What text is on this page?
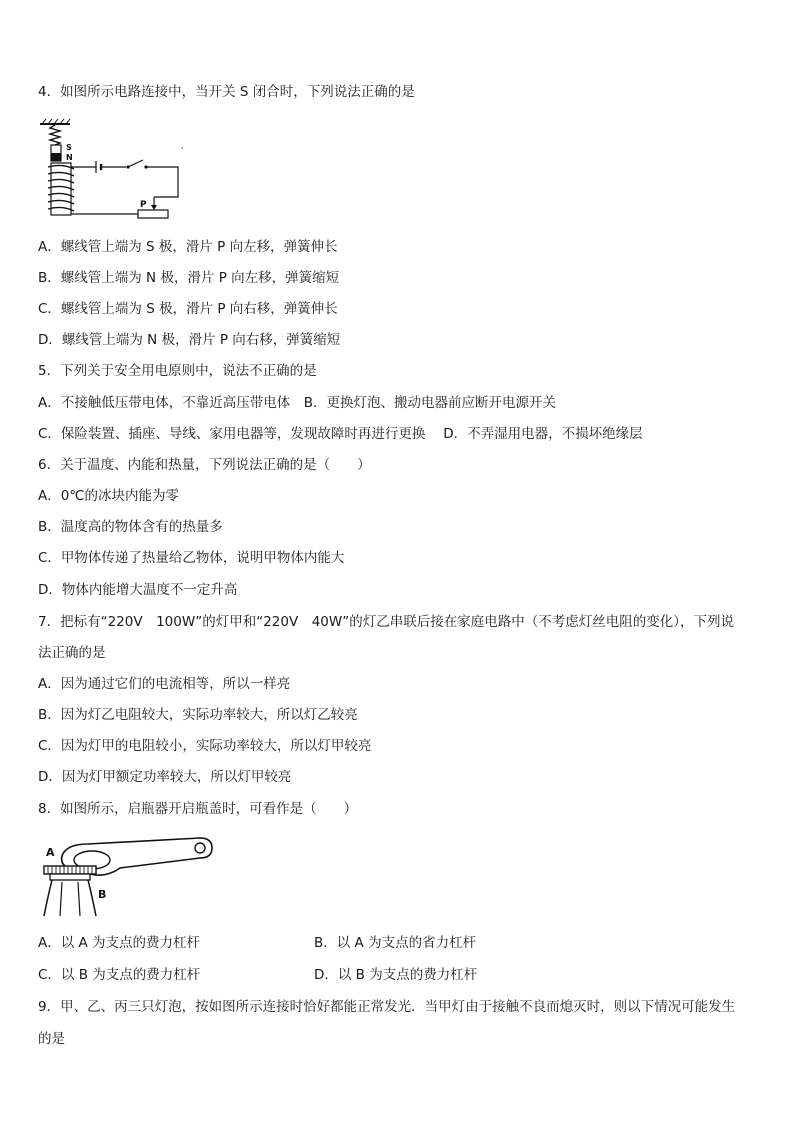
4．如图所示电路连接中，当开关 S 闭合时，下列说法正确的是
S
N
P
A．螺线管上端为 S 极，滑片 P 向左移，弹簧伸长
B．螺线管上端为 N 极，滑片 P 向左移，弹簧缩短
C．螺线管上端为 S 极，滑片 P 向右移，弹簧伸长
D．螺线管上端为 N 极，滑片 P 向右移，弹簧缩短
5．下列关于安全用电原则中，说法不正确的是
A．不接触低压带电体，不靠近高压带电体　B．更换灯泡、搬动电器前应断开电源开关
C．保险装置、插座、导线、家用电器等，发现故障时再进行更换　 D．不弄湿用电器，不损坏绝缘层
6．关于温度、内能和热量，下列说法正确的是（　　）
A．0℃的冰块内能为零
B．温度高的物体含有的热量多
C．甲物体传递了热量给乙物体，说明甲物体内能大
D．物体内能增大温度不一定升高
7．把标有“220V　100W”的灯甲和“220V　40W”的灯乙串联后接在家庭电路中（不考虑灯丝电阻的变化），下列说
法正确的是
A．因为通过它们的电流相等，所以一样亮
B．因为灯乙电阻较大，实际功率较大，所以灯乙较亮
C．因为灯甲的电阻较小，实际功率较大，所以灯甲较亮
D．因为灯甲额定功率较大，所以灯甲较亮
8．如图所示，启瓶器开启瓶盖时，可看作是（　　）
A
B
A．以 A 为支点的费力杠杆	B．以 A 为支点的省力杠杆
C．以 B 为支点的费力杠杆	D．以 B 为支点的费力杠杆
9．甲、乙、丙三只灯泡，按如图所示连接时恰好都能正常发光．当甲灯由于接触不良而熄灭时，则以下情况可能发生
的是
